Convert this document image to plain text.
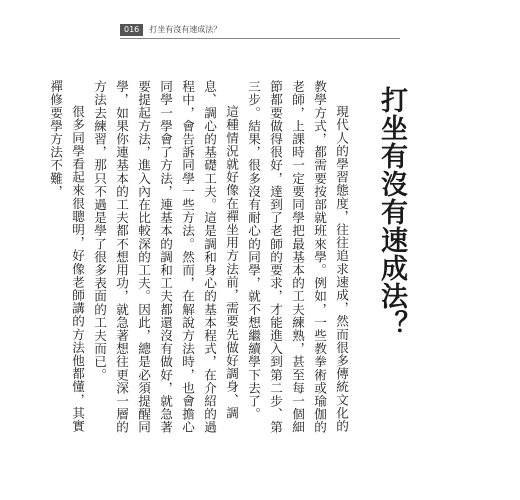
016	打坐有沒有速成法？
打坐有沒有速成法？

現代人的學習態度，往往追求速成，然而很多傳統文化的教學方式，都需要按部就班來學。例如，一些教拳術或瑜伽的老師，上課時一定要同學把最基本的工夫練熟，甚至每一個細節都要做得很好，達到了老師的要求，才能進入到第二步、第三步。結果，很多沒有耐心的同學，就不想繼續學下去了。

這種情況就好像在禪坐用方法前，需要先做好調身、調息、調心的基礎工夫。這是調和身心的基本程式，在介紹的過程中，會告訴同學一些方法。然而，在解說方法時，也會擔心同學一學會了方法，連基本的調和工夫都還沒有做好，就急著要提起方法，進入內在比較深的工夫。因此，總是必須提醒同學，如果你連基本的工夫都不想用功，就急著想往更深一層的方法去練習，那只不過是學了很多表面的工夫而已。

很多同學看起來很聰明，好像老師講的方法他都懂，其實禪修要學方法不難，
